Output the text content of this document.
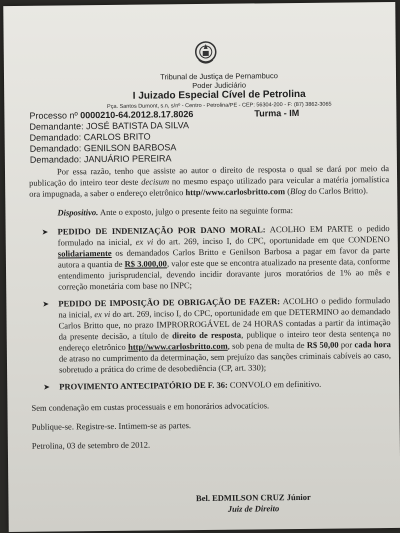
Tribunal de Justiça de Pernambuco
Poder Judiciário
I Juizado Especial Cível de Petrolina
Pça. Santos Dumont, s.n, s/nº - Centro - Petrolina/PE - CEP: 56304-200 - F: (87) 3862-3065
Processo nº 0000210-64.2012.8.17.8026	Turma - IM
Demandante: JOSÉ BATISTA DA SILVA
Demandado: CARLOS BRITO
Demandado: GENILSON BARBOSA
Demandado: JANUÁRIO PEREIRA

Por essa razão, tenho que assiste ao autor o direito de resposta o qual se dará por meio da publicação do inteiro teor deste decisum no mesmo espaço utilizado para veicular a matéria jornalística ora impugnada, a saber o endereço eletrônico http//www.carlosbritto.com (Blog do Carlos Britto).

Dispositivo. Ante o exposto, julgo o presente feito na seguinte forma:

➤ PEDIDO DE INDENIZAÇÃO POR DANO MORAL: ACOLHO EM PARTE o pedido formulado na inicial, ex vi do art. 269, inciso I, do CPC, oportunidade em que CONDENO solidariamente os demandados Carlos Britto e Genilson Barbosa a pagar em favor da parte autora a quantia de R$ 3.000,00, valor este que se encontra atualizado na presente data, conforme entendimento jurisprudencial, devendo incidir doravante juros moratórios de 1% ao mês e correção monetária com base no INPC;
➤ PEDIDO DE IMPOSIÇÃO DE OBRIGAÇÃO DE FAZER: ACOLHO o pedido formulado na inicial, ex vi do art. 269, inciso I, do CPC, oportunidade em que DETERMINO ao demandado Carlos Britto que, no prazo IMPRORROGÁVEL de 24 HORAS contadas a partir da intimação da presente decisão, a título de direito de resposta, publique o inteiro teor desta sentença no endereço eletrônico http//www.carlosbritto.com, sob pena de multa de R$ 50,00 por cada hora de atraso no cumprimento da determinação, sem prejuízo das sanções criminais cabíveis ao caso, sobretudo a prática do crime de desobediência (CP, art. 330);
➤ PROVIMENTO ANTECIPATÓRIO DE F. 36: CONVOLO em definitivo.

Sem condenação em custas processuais e em honorários advocatícios.

Publique-se. Registre-se. Intimem-se as partes.

Petrolina, 03 de setembro de 2012.

Bel. EDMILSON CRUZ Júnior
Juiz de Direito
